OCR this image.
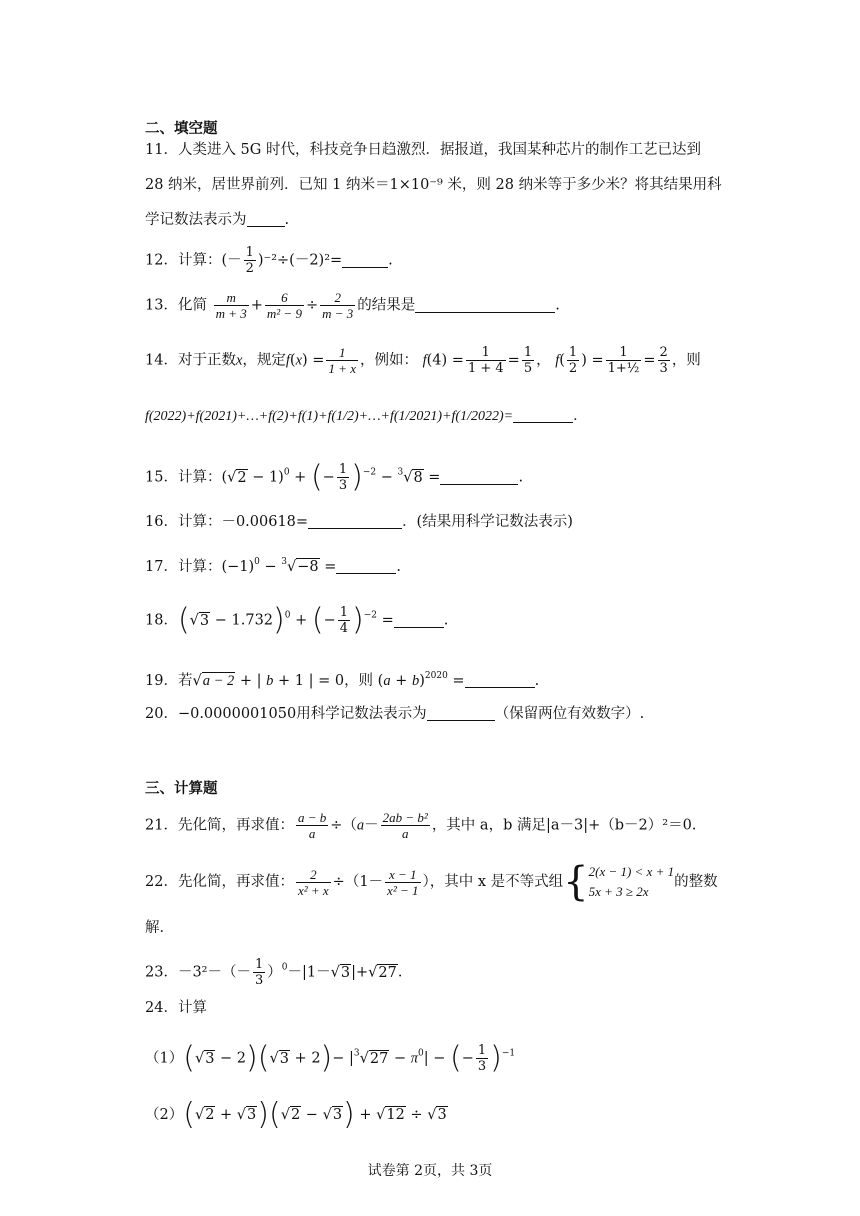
二、填空题
11．人类进入 5G 时代，科技竞争日趋激烈．据报道，我国某种芯片的制作工艺已达到
28 纳米，居世界前列．已知 1 纳米＝1×10⁻⁹ 米，则 28 纳米等于多少米？将其结果用科
学记数法表示为	.
12．计算：(－ $\frac{1}{2} )^{-2}\div(-2)^2=$	.
13．化简 $\frac{m}{m + 3} + \frac{6}{\text{m² − 9}} \div \frac{2}{m - 3}$ 的结果是	.
14．对于正数x，规定$f(x) = \frac{1}{1 + x}$ ，例如： $f(4) = \frac{1}{1 + 4} = \frac{1}{5}$ ， $f( \frac{1}{2}$ ) = $\frac{1}{\text{1+½}} = \frac{2}{3}$ ，则
f(2022)+f(2021)+…+f(2)+f(1)+f(1/2)+…+f(1/2021)+f(1/2022)=	.
15．计算：$(√2 - 1)^0$ + (− $\frac{1}{3} )^{-2} - ^3√8$ =	.
16．计算：－0.00618=	．(结果用科学记数法表示)
17．计算：$(-1)^0 - ^3√-8$ =	.
18．$(√3 - 1.732)^0$ + (− $\frac{1}{4} )^{-2}$ =	.
19．若√a − 2 + | b + 1 | = 0，则 $(a + b)^{2020}$ =	.
20．−0.0000001050用科学记数法表示为	（保留两位有效数字）.
三、计算题
21．先化简，再求值： $\frac{a - b}{a} \div(a- \frac{\text{2ab − b²}}{a}$ ，其中 a，b 满足|a－3|+（b－2）²＝0.
22．先化简，再求值： $\frac{2}{\text{x² + x}} \div(1- \frac{x - 1}{\text{x² − 1}}$ ），其中 x 是不等式组{2(x − 1) < x + 1
5x + 3 ≥ 2x的整数
解．
23．$-3^2-(- \frac{1}{3} )^0-|1-√3|+√27$．
24．计算
$(1)(√3 - 2)(√3 + 2)- |^3√27 - \pi^0|$ − (− $\frac{1}{3} )^{-1}$
（2）(√2 + √3)(√2 − √3) + √12 ÷ √3
试卷第 2页，共 3页
